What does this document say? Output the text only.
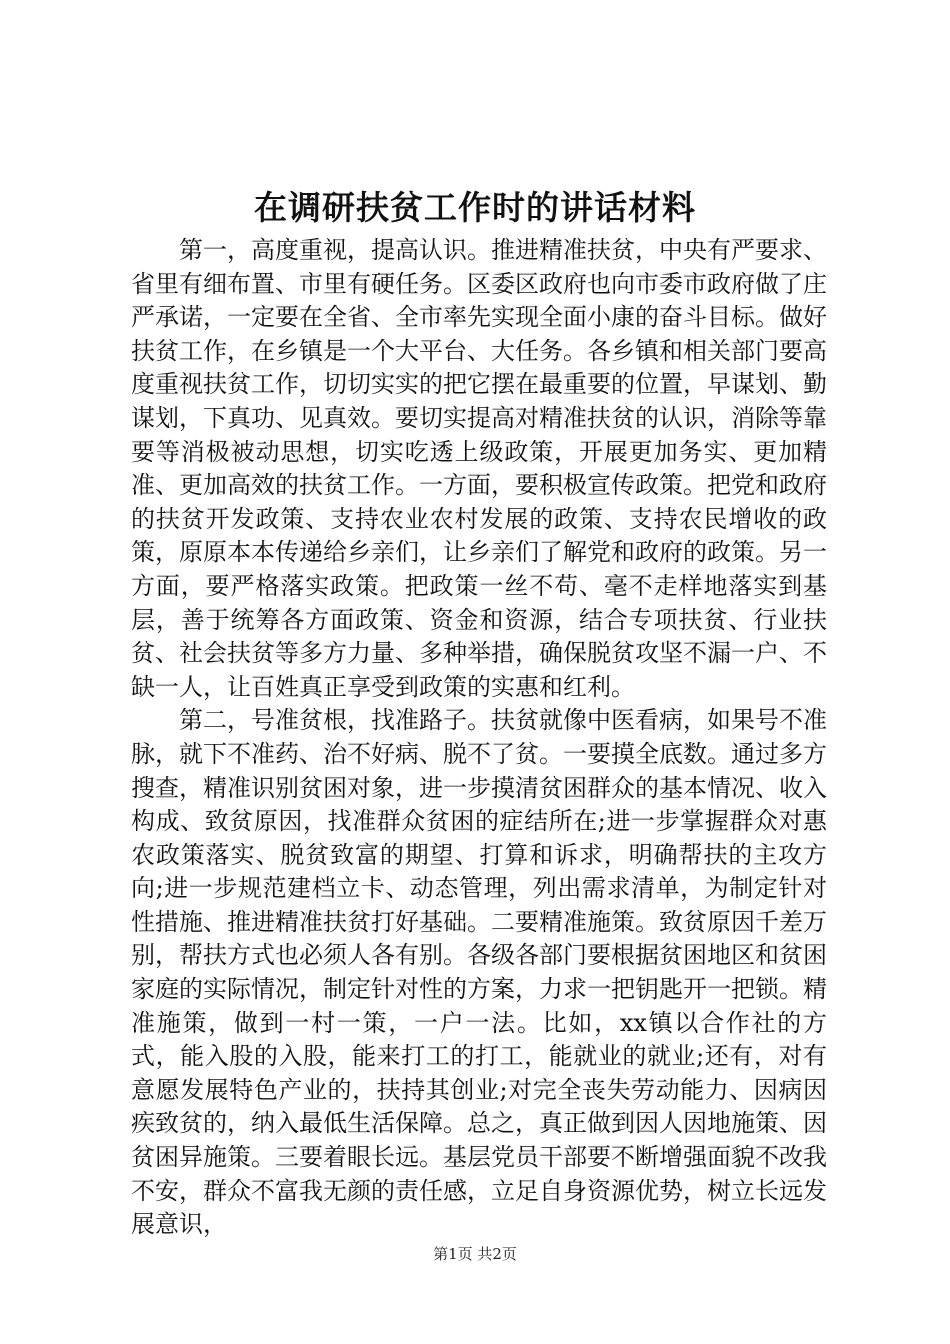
在调研扶贫工作时的讲话材料

第一，高度重视，提高认识。推进精准扶贫，中央有严要求、省里有细布置、市里有硬任务。区委区政府也向市委市政府做了庄严承诺，一定要在全省、全市率先实现全面小康的奋斗目标。做好扶贫工作，在乡镇是一个大平台、大任务。各乡镇和相关部门要高度重视扶贫工作，切切实实的把它摆在最重要的位置，早谋划、勤谋划，下真功、见真效。要切实提高对精准扶贫的认识，消除等靠要等消极被动思想，切实吃透上级政策，开展更加务实、更加精准、更加高效的扶贫工作。一方面，要积极宣传政策。把党和政府的扶贫开发政策、支持农业农村发展的政策、支持农民增收的政策，原原本本传递给乡亲们，让乡亲们了解党和政府的政策。另一方面，要严格落实政策。把政策一丝不苟、毫不走样地落实到基层，善于统筹各方面政策、资金和资源，结合专项扶贫、行业扶贫、社会扶贫等多方力量、多种举措，确保脱贫攻坚不漏一户、不缺一人，让百姓真正享受到政策的实惠和红利。

第二，号准贫根，找准路子。扶贫就像中医看病，如果号不准脉，就下不准药、治不好病、脱不了贫。一要摸全底数。通过多方搜查，精准识别贫困对象，进一步摸清贫困群众的基本情况、收入构成、致贫原因，找准群众贫困的症结所在;进一步掌握群众对惠农政策落实、脱贫致富的期望、打算和诉求，明确帮扶的主攻方向;进一步规范建档立卡、动态管理，列出需求清单，为制定针对性措施、推进精准扶贫打好基础。二要精准施策。致贫原因千差万别，帮扶方式也必须人各有别。各级各部门要根据贫困地区和贫困家庭的实际情况，制定针对性的方案，力求一把钥匙开一把锁。精准施策，做到一村一策，一户一法。比如，xx镇以合作社的方式，能入股的入股，能来打工的打工，能就业的就业;还有，对有意愿发展特色产业的，扶持其创业;对完全丧失劳动能力、因病因疾致贫的，纳入最低生活保障。总之，真正做到因人因地施策、因贫困异施策。三要着眼长远。基层党员干部要不断增强面貌不改我不安，群众不富我无颜的责任感，立足自身资源优势，树立长远发展意识，

第1页 共2页
